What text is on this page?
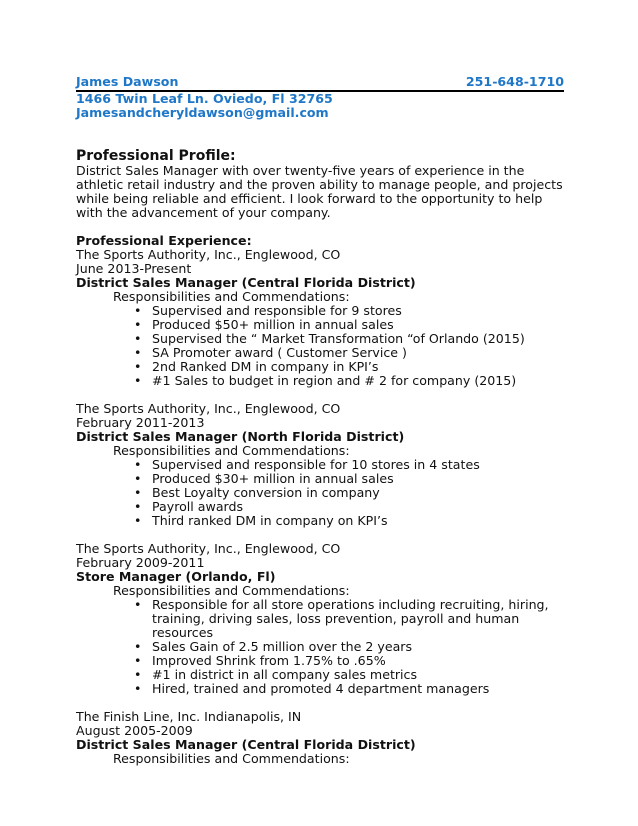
James Dawson	251-648-1710
1466 Twin Leaf Ln. Oviedo, Fl 32765
Jamesandcheryldawson@gmail.com
Professional Profile:

District Sales Manager with over twenty-five years of experience in the athletic retail industry and the proven ability to manage people, and projects while being reliable and efficient. I look forward to the opportunity to help with the advancement of your company.

Professional Experience:
The Sports Authority, Inc., Englewood, CO
June 2013-Present
District Sales Manager (Central Florida District)
Responsibilities and Commendations:
• Supervised and responsible for 9 stores
• Produced $50+ million in annual sales
• Supervised the “ Market Transformation “of Orlando (2015)
• SA Promoter award ( Customer Service )
• 2nd Ranked DM in company in KPI’s
• #1 Sales to budget in region and # 2 for company (2015)
The Sports Authority, Inc., Englewood, CO
February 2011-2013
District Sales Manager (North Florida District)
Responsibilities and Commendations:
• Supervised and responsible for 10 stores in 4 states
• Produced $30+ million in annual sales
• Best Loyalty conversion in company
• Payroll awards
• Third ranked DM in company on KPI’s
The Sports Authority, Inc., Englewood, CO
February 2009-2011
Store Manager (Orlando, Fl)
Responsibilities and Commendations:
• Responsible for all store operations including recruiting, hiring, training, driving sales, loss prevention, payroll and human resources
• Sales Gain of 2.5 million over the 2 years
• Improved Shrink from 1.75% to .65%
• #1 in district in all company sales metrics
• Hired, trained and promoted 4 department managers
The Finish Line, Inc. Indianapolis, IN
August 2005-2009
District Sales Manager (Central Florida District)
Responsibilities and Commendations:
